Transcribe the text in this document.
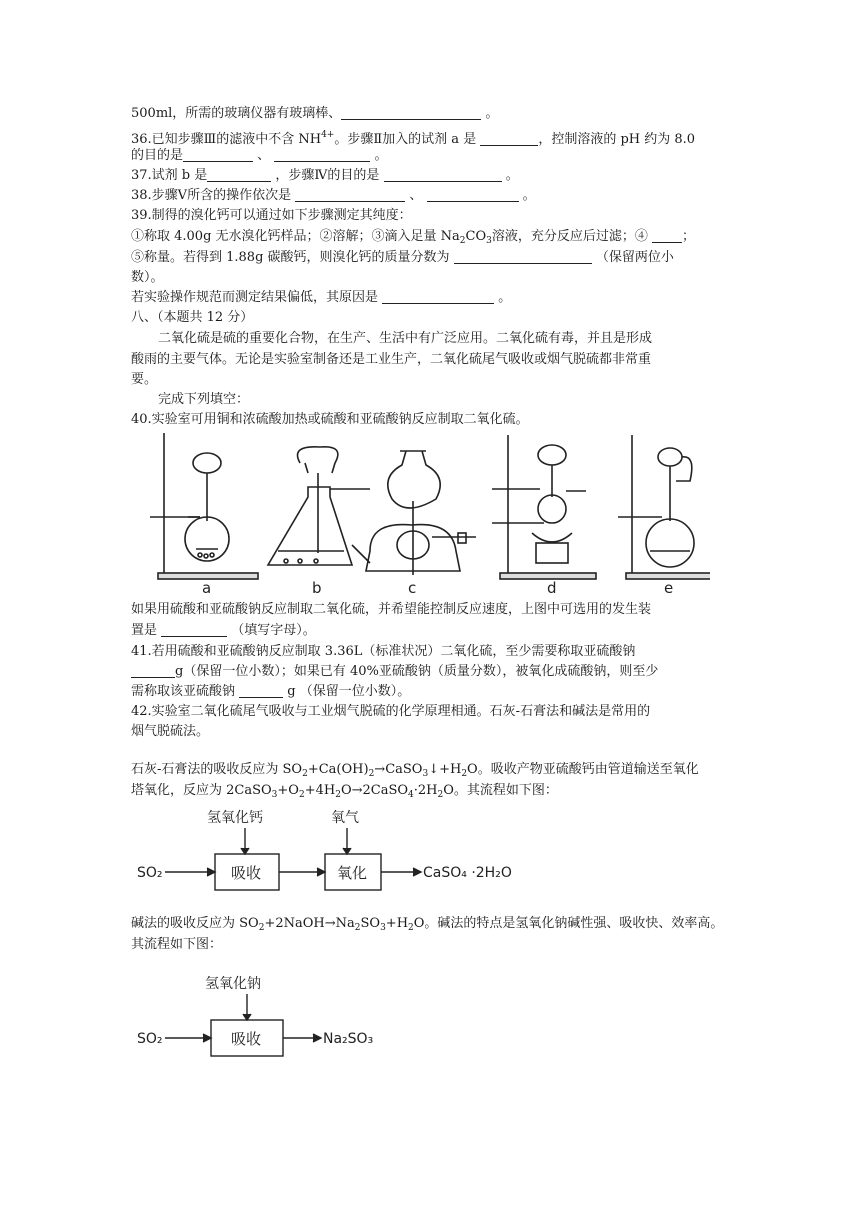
500ml，所需的玻璃仪器有玻璃棒、	。
36.已知步骤Ⅲ的滤液中不含 $NH^{4+}$。步骤Ⅱ加入的试剂 a 是	，控制溶液的 pH 约为 8.0
的目的是	、	。
37.试剂 b 是	，步骤Ⅳ的目的是	。
38.步骤Ⅴ所含的操作依次是	、	。
39.制得的溴化钙可以通过如下步骤测定其纯度：
①称取 4.00g 无水溴化钙样品；②溶解；③滴入足量 $Na_2CO_3$溶液，充分反应后过滤；④	；
⑤称量。若得到 1.88g 碳酸钙，则溴化钙的质量分数为	（保留两位小
数）。
若实验操作规范而测定结果偏低，其原因是	。
八、（本题共 12 分）
二氧化硫是硫的重要化合物，在生产、生活中有广泛应用。二氧化硫有毒，并且是形成
酸雨的主要气体。无论是实验室制备还是工业生产，二氧化硫尾气吸收或烟气脱硫都非常重
要。
完成下列填空：
40.实验室可用铜和浓硫酸加热或硫酸和亚硫酸钠反应制取二氧化硫。
a	b	c	d	e
如果用硫酸和亚硫酸钠反应制取二氧化硫，并希望能控制反应速度，上图中可选用的发生装
置是	（填写字母）。
41.若用硫酸和亚硫酸钠反应制取 3.36L（标准状况）二氧化硫，至少需要称取亚硫酸钠
g（保留一位小数）；如果已有 40%亚硫酸钠（质量分数），被氧化成硫酸钠，则至少
需称取该亚硫酸钠	g （保留一位小数）。
42.实验室二氧化硫尾气吸收与工业烟气脱硫的化学原理相通。石灰-石膏法和碱法是常用的
烟气脱硫法。
石灰-石膏法的吸收反应为 $SO_2+Ca(OH)_2\to CaSO_3↓+H_2O$。吸收产物亚硫酸钙由管道输送至氧化
塔氧化，反应为 $2CaSO_3+O_2+4H_2O\to 2CaSO_4\cdot 2H_2O$。其流程如下图：
氢氧化钙	氧气
SO₂	吸收	氧化	CaSO₄ ·2H₂O
碱法的吸收反应为 $SO_2+2NaOH\to Na_2SO_3+H_2O$。碱法的特点是氢氧化钠碱性强、吸收快、效率高。
其流程如下图：
氢氧化钠
SO₂	吸收	Na₂SO₃
